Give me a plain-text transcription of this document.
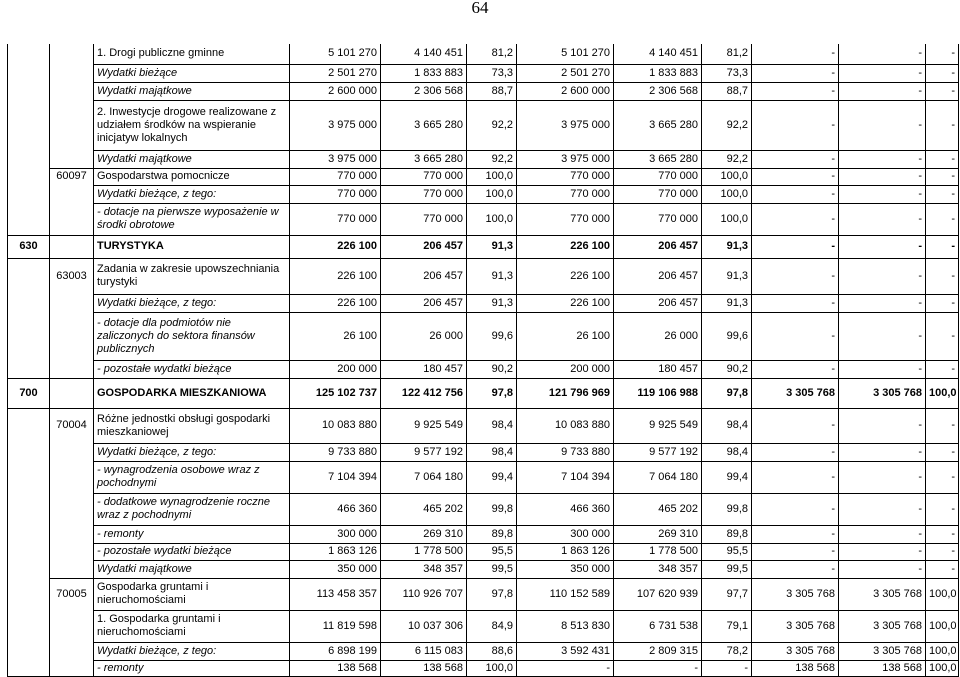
64
		1. Drogi publiczne gminne	5 101 270	4 140 451	81,2	5 101 270	4 140 451	81,2	-	-	-
		Wydatki bieżące	2 501 270	1 833 883	73,3	2 501 270	1 833 883	73,3	-	-	-
		Wydatki majątkowe	2 600 000	2 306 568	88,7	2 600 000	2 306 568	88,7	-	-	-
		2. Inwestycje drogowe realizowane z udziałem środków na wspieranie inicjatyw lokalnych	3 975 000	3 665 280	92,2	3 975 000	3 665 280	92,2	-	-	-
		Wydatki majątkowe	3 975 000	3 665 280	92,2	3 975 000	3 665 280	92,2	-	-	-
	60097	Gospodarstwa pomocnicze	770 000	770 000	100,0	770 000	770 000	100,0	-	-	-
		Wydatki bieżące, z tego:	770 000	770 000	100,0	770 000	770 000	100,0	-	-	-
		- dotacje na pierwsze wyposażenie w środki obrotowe	770 000	770 000	100,0	770 000	770 000	100,0	-	-	-
630		TURYSTYKA	226 100	206 457	91,3	226 100	206 457	91,3	-	-	-
	63003	Zadania w zakresie upowszechniania turystyki	226 100	206 457	91,3	226 100	206 457	91,3	-	-	-
		Wydatki bieżące, z tego:	226 100	206 457	91,3	226 100	206 457	91,3	-	-	-
		- dotacje dla podmiotów nie zaliczonych do sektora finansów publicznych	26 100	26 000	99,6	26 100	26 000	99,6	-	-	-
		- pozostałe wydatki bieżące	200 000	180 457	90,2	200 000	180 457	90,2	-	-	-
700		GOSPODARKA MIESZKANIOWA	125 102 737	122 412 756	97,8	121 796 969	119 106 988	97,8	3 305 768	3 305 768	100,0
	70004	Różne jednostki obsługi gospodarki mieszkaniowej	10 083 880	9 925 549	98,4	10 083 880	9 925 549	98,4	-	-	-
		Wydatki bieżące, z tego:	9 733 880	9 577 192	98,4	9 733 880	9 577 192	98,4	-	-	-
		- wynagrodzenia osobowe wraz z pochodnymi	7 104 394	7 064 180	99,4	7 104 394	7 064 180	99,4	-	-	-
		- dodatkowe wynagrodzenie roczne wraz z pochodnymi	466 360	465 202	99,8	466 360	465 202	99,8	-	-	-
		- remonty	300 000	269 310	89,8	300 000	269 310	89,8	-	-	-
		- pozostałe wydatki bieżące	1 863 126	1 778 500	95,5	1 863 126	1 778 500	95,5	-	-	-
		Wydatki majątkowe	350 000	348 357	99,5	350 000	348 357	99,5	-	-	-
	70005	Gospodarka gruntami i nieruchomościami	113 458 357	110 926 707	97,8	110 152 589	107 620 939	97,7	3 305 768	3 305 768	100,0
		1. Gospodarka gruntami i nieruchomościami	11 819 598	10 037 306	84,9	8 513 830	6 731 538	79,1	3 305 768	3 305 768	100,0
		Wydatki bieżące, z tego:	6 898 199	6 115 083	88,6	3 592 431	2 809 315	78,2	3 305 768	3 305 768	100,0
		- remonty	138 568	138 568	100,0	-	-	-	138 568	138 568	100,0
